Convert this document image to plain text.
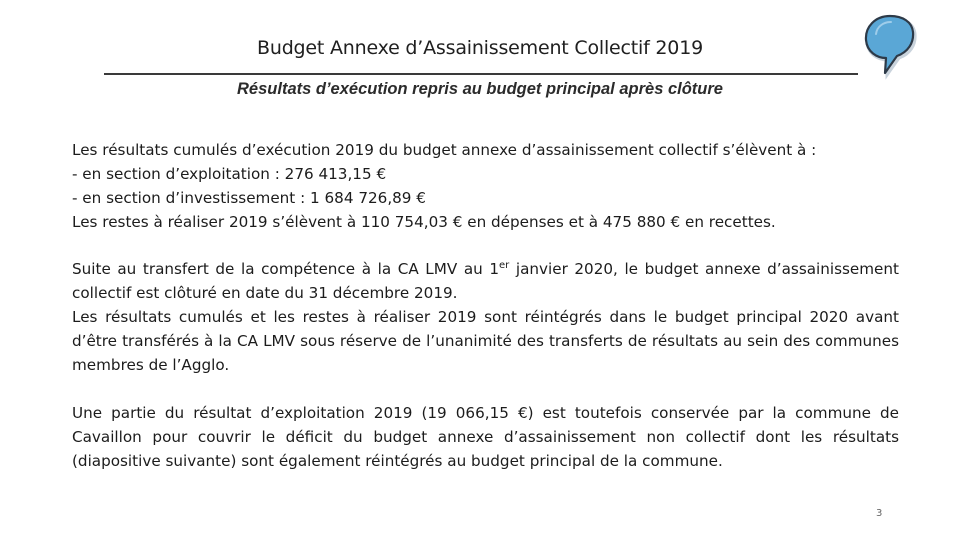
Budget Annexe d’Assainissement Collectif 2019
Résultats d’exécution repris au budget principal après clôture

Les résultats cumulés d’exécution 2019 du budget annexe d’assainissement collectif s’élèvent à :

- en section d’exploitation : 276 413,15 €

- en section d’investissement : 1 684 726,89 €

Les restes à réaliser 2019 s’élèvent à 110 754,03 € en dépenses et à 475 880 € en recettes.

Suite au transfert de la compétence à la CA LMV au 1er janvier 2020, le budget annexe d’assainissement collectif est clôturé en date du 31 décembre 2019.

Les résultats cumulés et les restes à réaliser 2019 sont réintégrés dans le budget principal 2020 avant d’être transférés à la CA LMV sous réserve de l’unanimité des transferts de résultats au sein des communes membres de l’Agglo.

Une partie du résultat d’exploitation 2019 (19 066,15 €) est toutefois conservée par la commune de Cavaillon pour couvrir le déficit du budget annexe d’assainissement non collectif dont les résultats (diapositive suivante) sont également réintégrés au budget principal de la commune.

3
